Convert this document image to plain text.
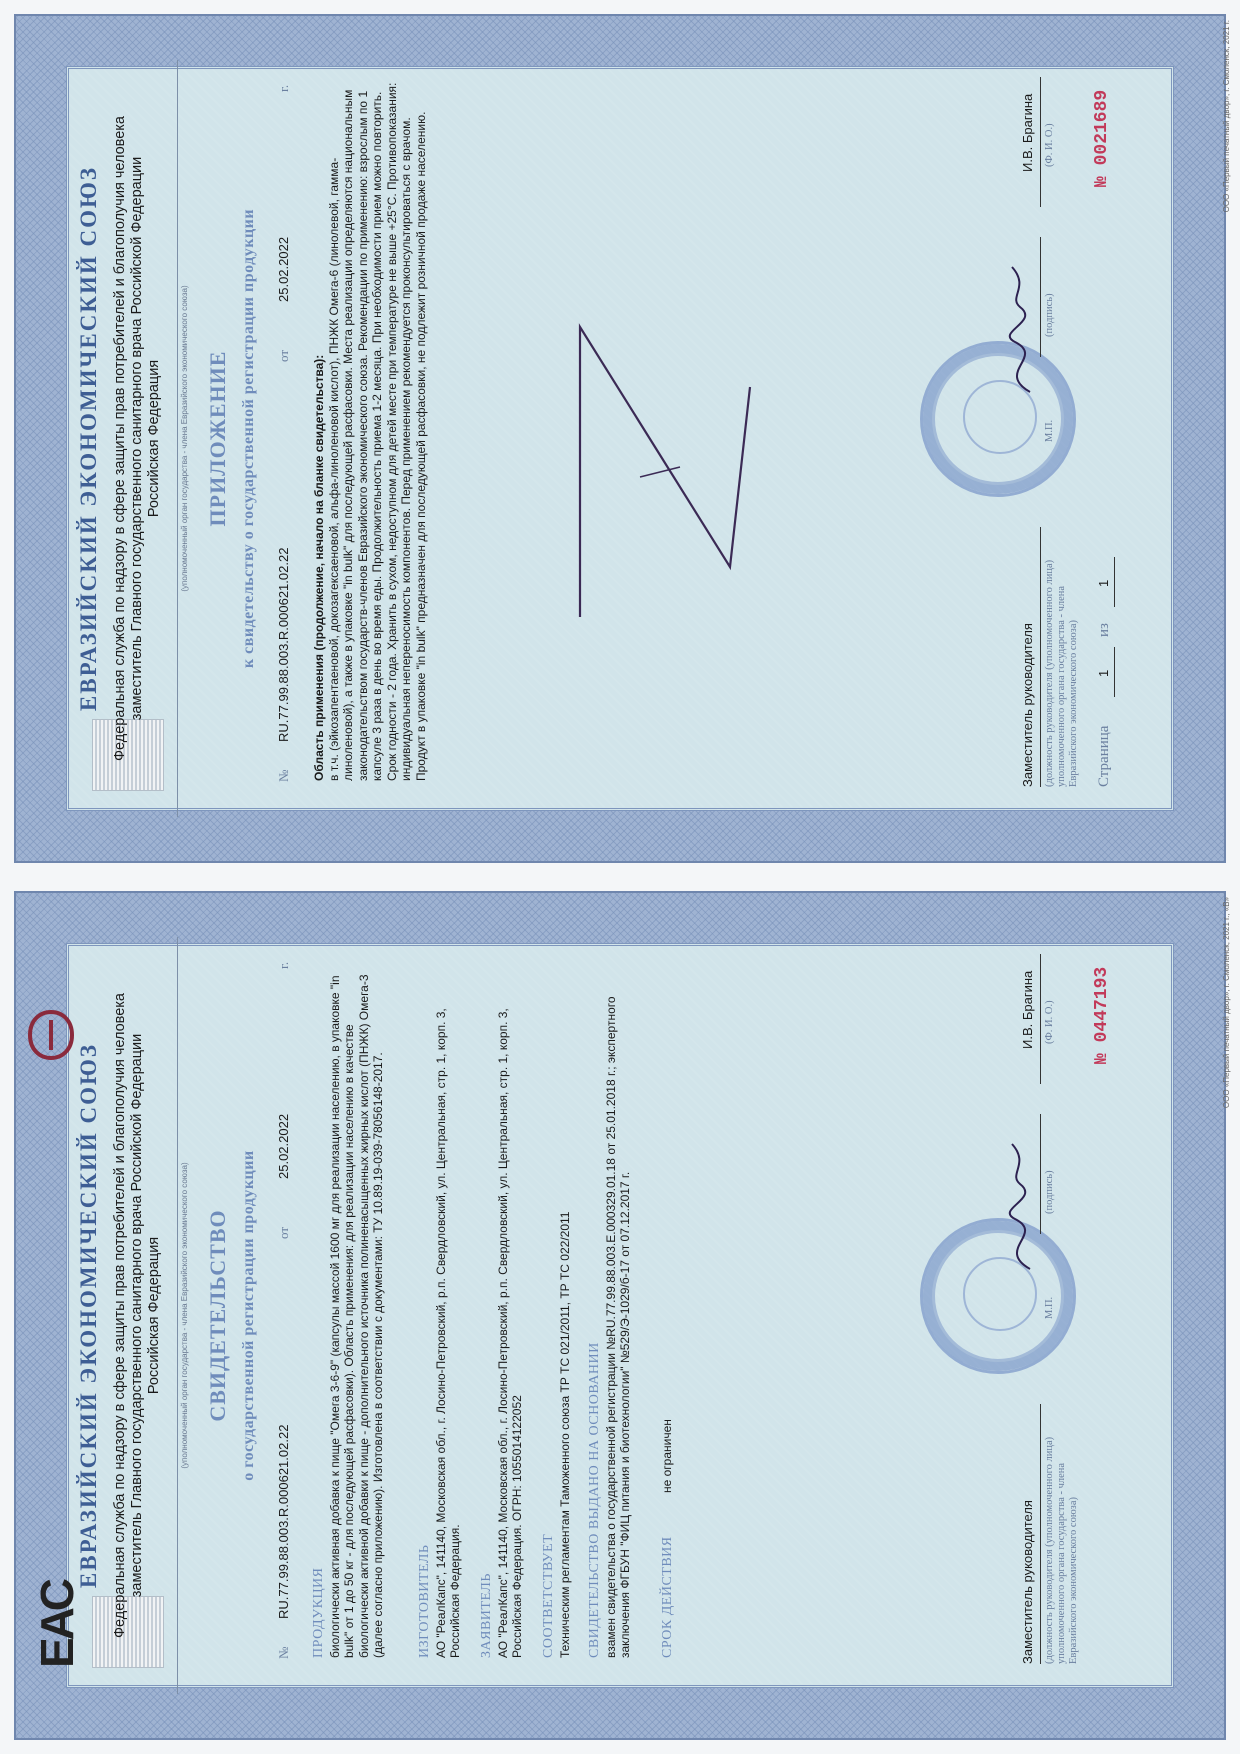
ЕВРАЗИЙСКИЙ ЭКОНОМИЧЕСКИЙ СОЮЗ Федеральная служба по надзору в сфере защиты прав потребителей и благополучия человека заместитель Главного государственного санитарного врача Российской Федерации Российская Федерация (уполномоченный орган государства - члена Евразийского экономического союза) ПРИЛОЖЕНИЕ к свидетельству о государственной регистрации продукции
№
RU.77.99.88.003.R.000621.02.22
от
25.02.2022
г.
Область применения (продолжение, начало на бланке свидетельства): в т.ч. (эйкозапентаеновой, докозагексаеновой, альфа-линоленовой кислот), ПНЖК Омега-6 (линолевой, гамма-линоленовой), а также в упаковке "in bulk" для последующей расфасовки. Места реализации определяются национальным законодательством государств-членов Евразийского экономического союза. Рекомендации по применению: взрослым по 1 капсуле 3 раза в день во время еды. Продолжительность приема 1-2 месяца. При необходимости прием можно повторить. Срок годности - 2 года. Хранить в сухом, недоступном для детей месте при температуре не выше +25°С. Противопоказания: индивидуальная непереносимость компонентов. Перед применением рекомендуется проконсультироваться с врачом. Продукт в упаковке "in bulk" предназначен для последующей расфасовки, не подлежит розничной продаже населению.	Заместитель руководителя
И.В. Брагина
(должность руководителя (уполномоченного лица) уполномоченного органа государства - члена Евразийского экономического союза)
М.П.
(подпись)
(Ф. И. О.)
Страница
1
из
1
№ 0021689	ООО «Первый печатный двор», г. Смоленск, 2021 г.
ЕАС
ЕВРАЗИЙСКИЙ ЭКОНОМИЧЕСКИЙ СОЮЗ Федеральная служба по надзору в сфере защиты прав потребителей и благополучия человека заместитель Главного государственного санитарного врача Российской Федерации Российская Федерация (уполномоченный орган государства - члена Евразийского экономического союза) СВИДЕТЕЛЬСТВО о государственной регистрации продукции
№
RU.77.99.88.003.R.000621.02.22
от
25.02.2022
г.
ПРОДУКЦИЯ биологически активная добавка к пище "Омега 3-6-9" (капсулы массой 1600 мг для реализации населению, в упаковке "in bulk" от 1 до 50 кг - для последующей расфасовки). Область применения: для реализации населению в качестве биологически активной добавки к пище - дополнительного источника полиненасыщенных жирных кислот (ПНЖК) Омега-3 (далее согласно приложению). Изготовлена в соответствии с документами: ТУ 10.89.19-039-78056148-2017. ИЗГОТОВИТЕЛЬ АО "РеалКапс", 141140, Московская обл., г. Лосино-Петровский, р.п. Свердловский, ул. Центральная, стр. 1, корп. 3, Российская Федерация. ЗАЯВИТЕЛЬ АО "РеалКапс", 141140, Московская обл., г. Лосино-Петровский, р.п. Свердловский, ул. Центральная, стр. 1, корп. 3, Российская Федерация. ОГРН: 1055014122052 СООТВЕТСТВУЕТ Техническим регламентам Таможенного союза ТР ТС 021/2011, ТР ТС 022/2011 СВИДЕТЕЛЬСТВО ВЫДАНО НА ОСНОВАНИИ взамен свидетельства о государственной регистрации №RU.77.99.88.003.Е.000329.01.18 от 25.01.2018 г.; экспертного заключения ФГБУН "ФИЦ питания и биотехнологии" №529/Э-1029/б-17 от 07.12.2017 г. СРОК ДЕЙСТВИЯ не ограничен
Заместитель руководителя
И.В. Брагина
(должность руководителя (уполномоченного лица) уполномоченного органа государства - члена Евразийского экономического союза)
М.П.
(подпись)
(Ф. И. О.) № 0447193	ООО «Первый печатный двор», г. Смоленск, 2021 г., «В»
